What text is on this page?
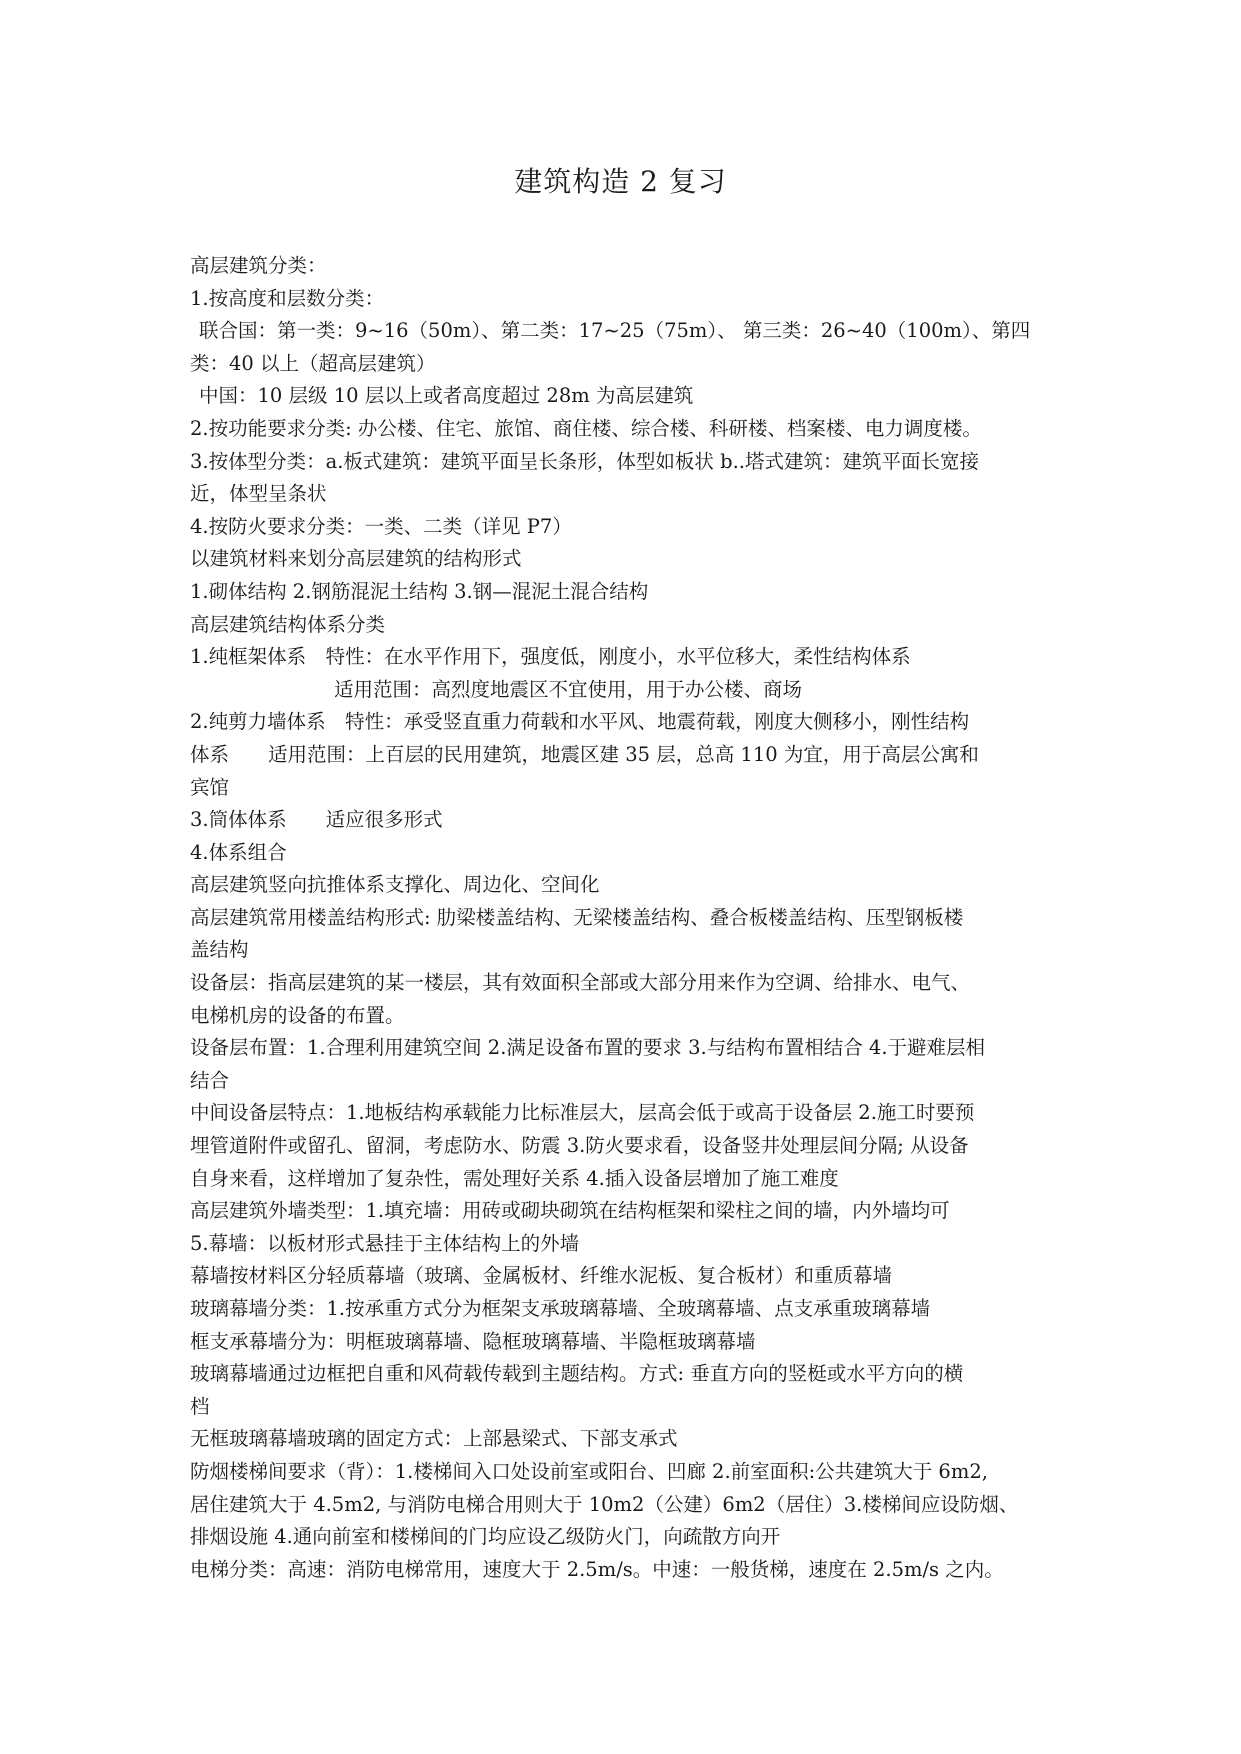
建筑构造 2 复习
高层建筑分类：
1.按高度和层数分类：
联合国：第一类：9~16（50m）、第二类：17~25（75m）、 第三类：26~40（100m）、第四
类：40 以上（超高层建筑）
中国：10 层级 10 层以上或者高度超过 28m 为高层建筑
2.按功能要求分类: 办公楼、住宅、旅馆、商住楼、综合楼、科研楼、档案楼、电力调度楼。
3.按体型分类：a.板式建筑：建筑平面呈长条形，体型如板状 b..塔式建筑：建筑平面长宽接
近，体型呈条状
4.按防火要求分类：一类、二类（详见 P7）
以建筑材料来划分高层建筑的结构形式
1.砌体结构 2.钢筋混泥土结构 3.钢—混泥土混合结构
高层建筑结构体系分类
1.纯框架体系　特性：在水平作用下，强度低，刚度小，水平位移大，柔性结构体系
适用范围：高烈度地震区不宜使用，用于办公楼、商场
2.纯剪力墙体系　特性：承受竖直重力荷载和水平风、地震荷载，刚度大侧移小，刚性结构
体系　　适用范围：上百层的民用建筑，地震区建 35 层，总高 110 为宜，用于高层公寓和
宾馆
3.筒体体系　　适应很多形式
4.体系组合
高层建筑竖向抗推体系支撑化、周边化、空间化
高层建筑常用楼盖结构形式: 肋梁楼盖结构、无梁楼盖结构、叠合板楼盖结构、压型钢板楼
盖结构
设备层：指高层建筑的某一楼层，其有效面积全部或大部分用来作为空调、给排水、电气、
电梯机房的设备的布置。
设备层布置：1.合理利用建筑空间 2.满足设备布置的要求 3.与结构布置相结合 4.于避难层相
结合
中间设备层特点：1.地板结构承载能力比标准层大，层高会低于或高于设备层 2.施工时要预
埋管道附件或留孔、留洞，考虑防水、防震 3.防火要求看，设备竖井处理层间分隔; 从设备
自身来看，这样增加了复杂性，需处理好关系 4.插入设备层增加了施工难度
高层建筑外墙类型：1.填充墙：用砖或砌块砌筑在结构框架和梁柱之间的墙，内外墙均可
5.幕墙：以板材形式悬挂于主体结构上的外墙
幕墙按材料区分轻质幕墙（玻璃、金属板材、纤维水泥板、复合板材）和重质幕墙
玻璃幕墙分类：1.按承重方式分为框架支承玻璃幕墙、全玻璃幕墙、点支承重玻璃幕墙
框支承幕墙分为：明框玻璃幕墙、隐框玻璃幕墙、半隐框玻璃幕墙
玻璃幕墙通过边框把自重和风荷载传载到主题结构。方式: 垂直方向的竖梃或水平方向的横
档
无框玻璃幕墙玻璃的固定方式：上部悬梁式、下部支承式
防烟楼梯间要求（背）：1.楼梯间入口处设前室或阳台、凹廊 2.前室面积:公共建筑大于 6m2,
居住建筑大于 4.5m2, 与消防电梯合用则大于 10m2（公建）6m2（居住）3.楼梯间应设防烟、
排烟设施 4.通向前室和楼梯间的门均应设乙级防火门，向疏散方向开
电梯分类：高速：消防电梯常用，速度大于 2.5m/s。中速：一般货梯，速度在 2.5m/s 之内。
